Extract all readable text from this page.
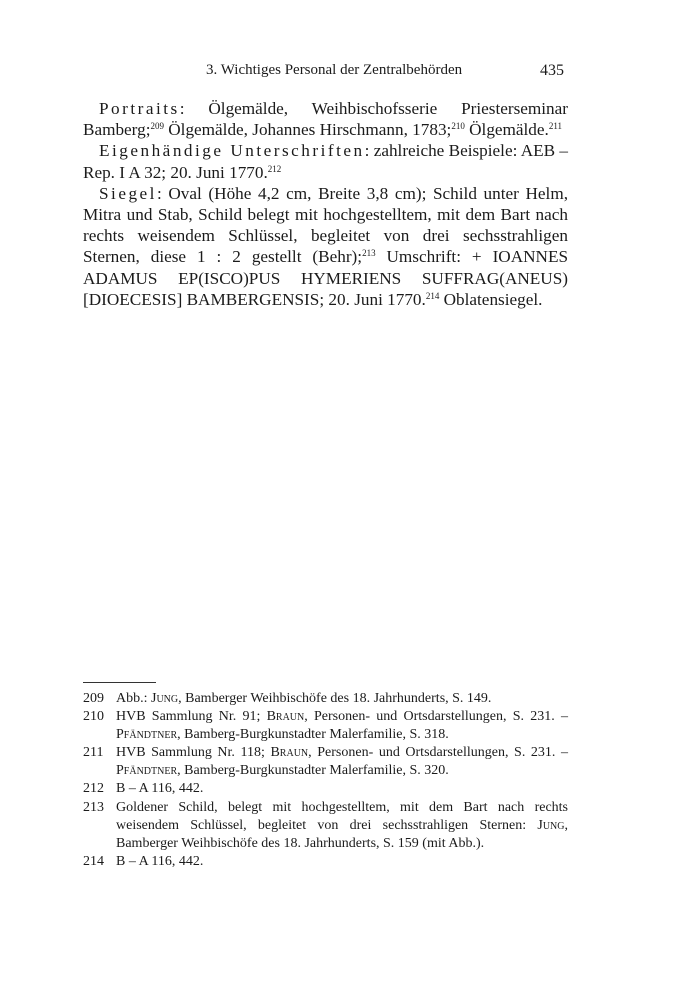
3. Wichtiges Personal der Zentralbehörden	435

Portraits: Ölgemälde, Weihbischofsserie Priesterseminar Bamberg;$^{209}$ Ölgemälde, Johannes Hirschmann, 1783;$^{210}$ Ölgemälde.$^{211}$

Eigenhändige Unterschriften: zahlreiche Beispiele: AEB – Rep. I A 32; 20. Juni 1770.$^{212}$

Siegel: Oval (Höhe 4,2 cm, Breite 3,8 cm); Schild unter Helm, Mitra und Stab, Schild belegt mit hochgestelltem, mit dem Bart nach rechts weisendem Schlüssel, begleitet von drei sechsstrahligen Sternen, diese 1 : 2 gestellt (Behr);$^{213}$ Umschrift: + IOANNES ADAMUS EP(ISCO)PUS HYMERIENS SUFFRAG(ANEUS) [DIOECESIS] BAMBERGENSIS; 20. Juni 1770.$^{214}$ Oblatensiegel.

209 Abb.: Jung, Bamberger Weihbischöfe des 18. Jahrhunderts, S. 149.
210 HVB Sammlung Nr. 91; Braun, Personen- und Ortsdarstellungen, S. 231. – Pfändtner, Bamberg-Burgkunstadter Malerfamilie, S. 318.
211 HVB Sammlung Nr. 118; Braun, Personen- und Ortsdarstellungen, S. 231. – Pfändtner, Bamberg-Burgkunstadter Malerfamilie, S. 320.
212 B – A 116, 442.
213 Goldener Schild, belegt mit hochgestelltem, mit dem Bart nach rechts weisendem Schlüssel, begleitet von drei sechsstrahligen Sternen: Jung, Bamberger Weihbischöfe des 18. Jahrhunderts, S. 159 (mit Abb.).
214 B – A 116, 442.
